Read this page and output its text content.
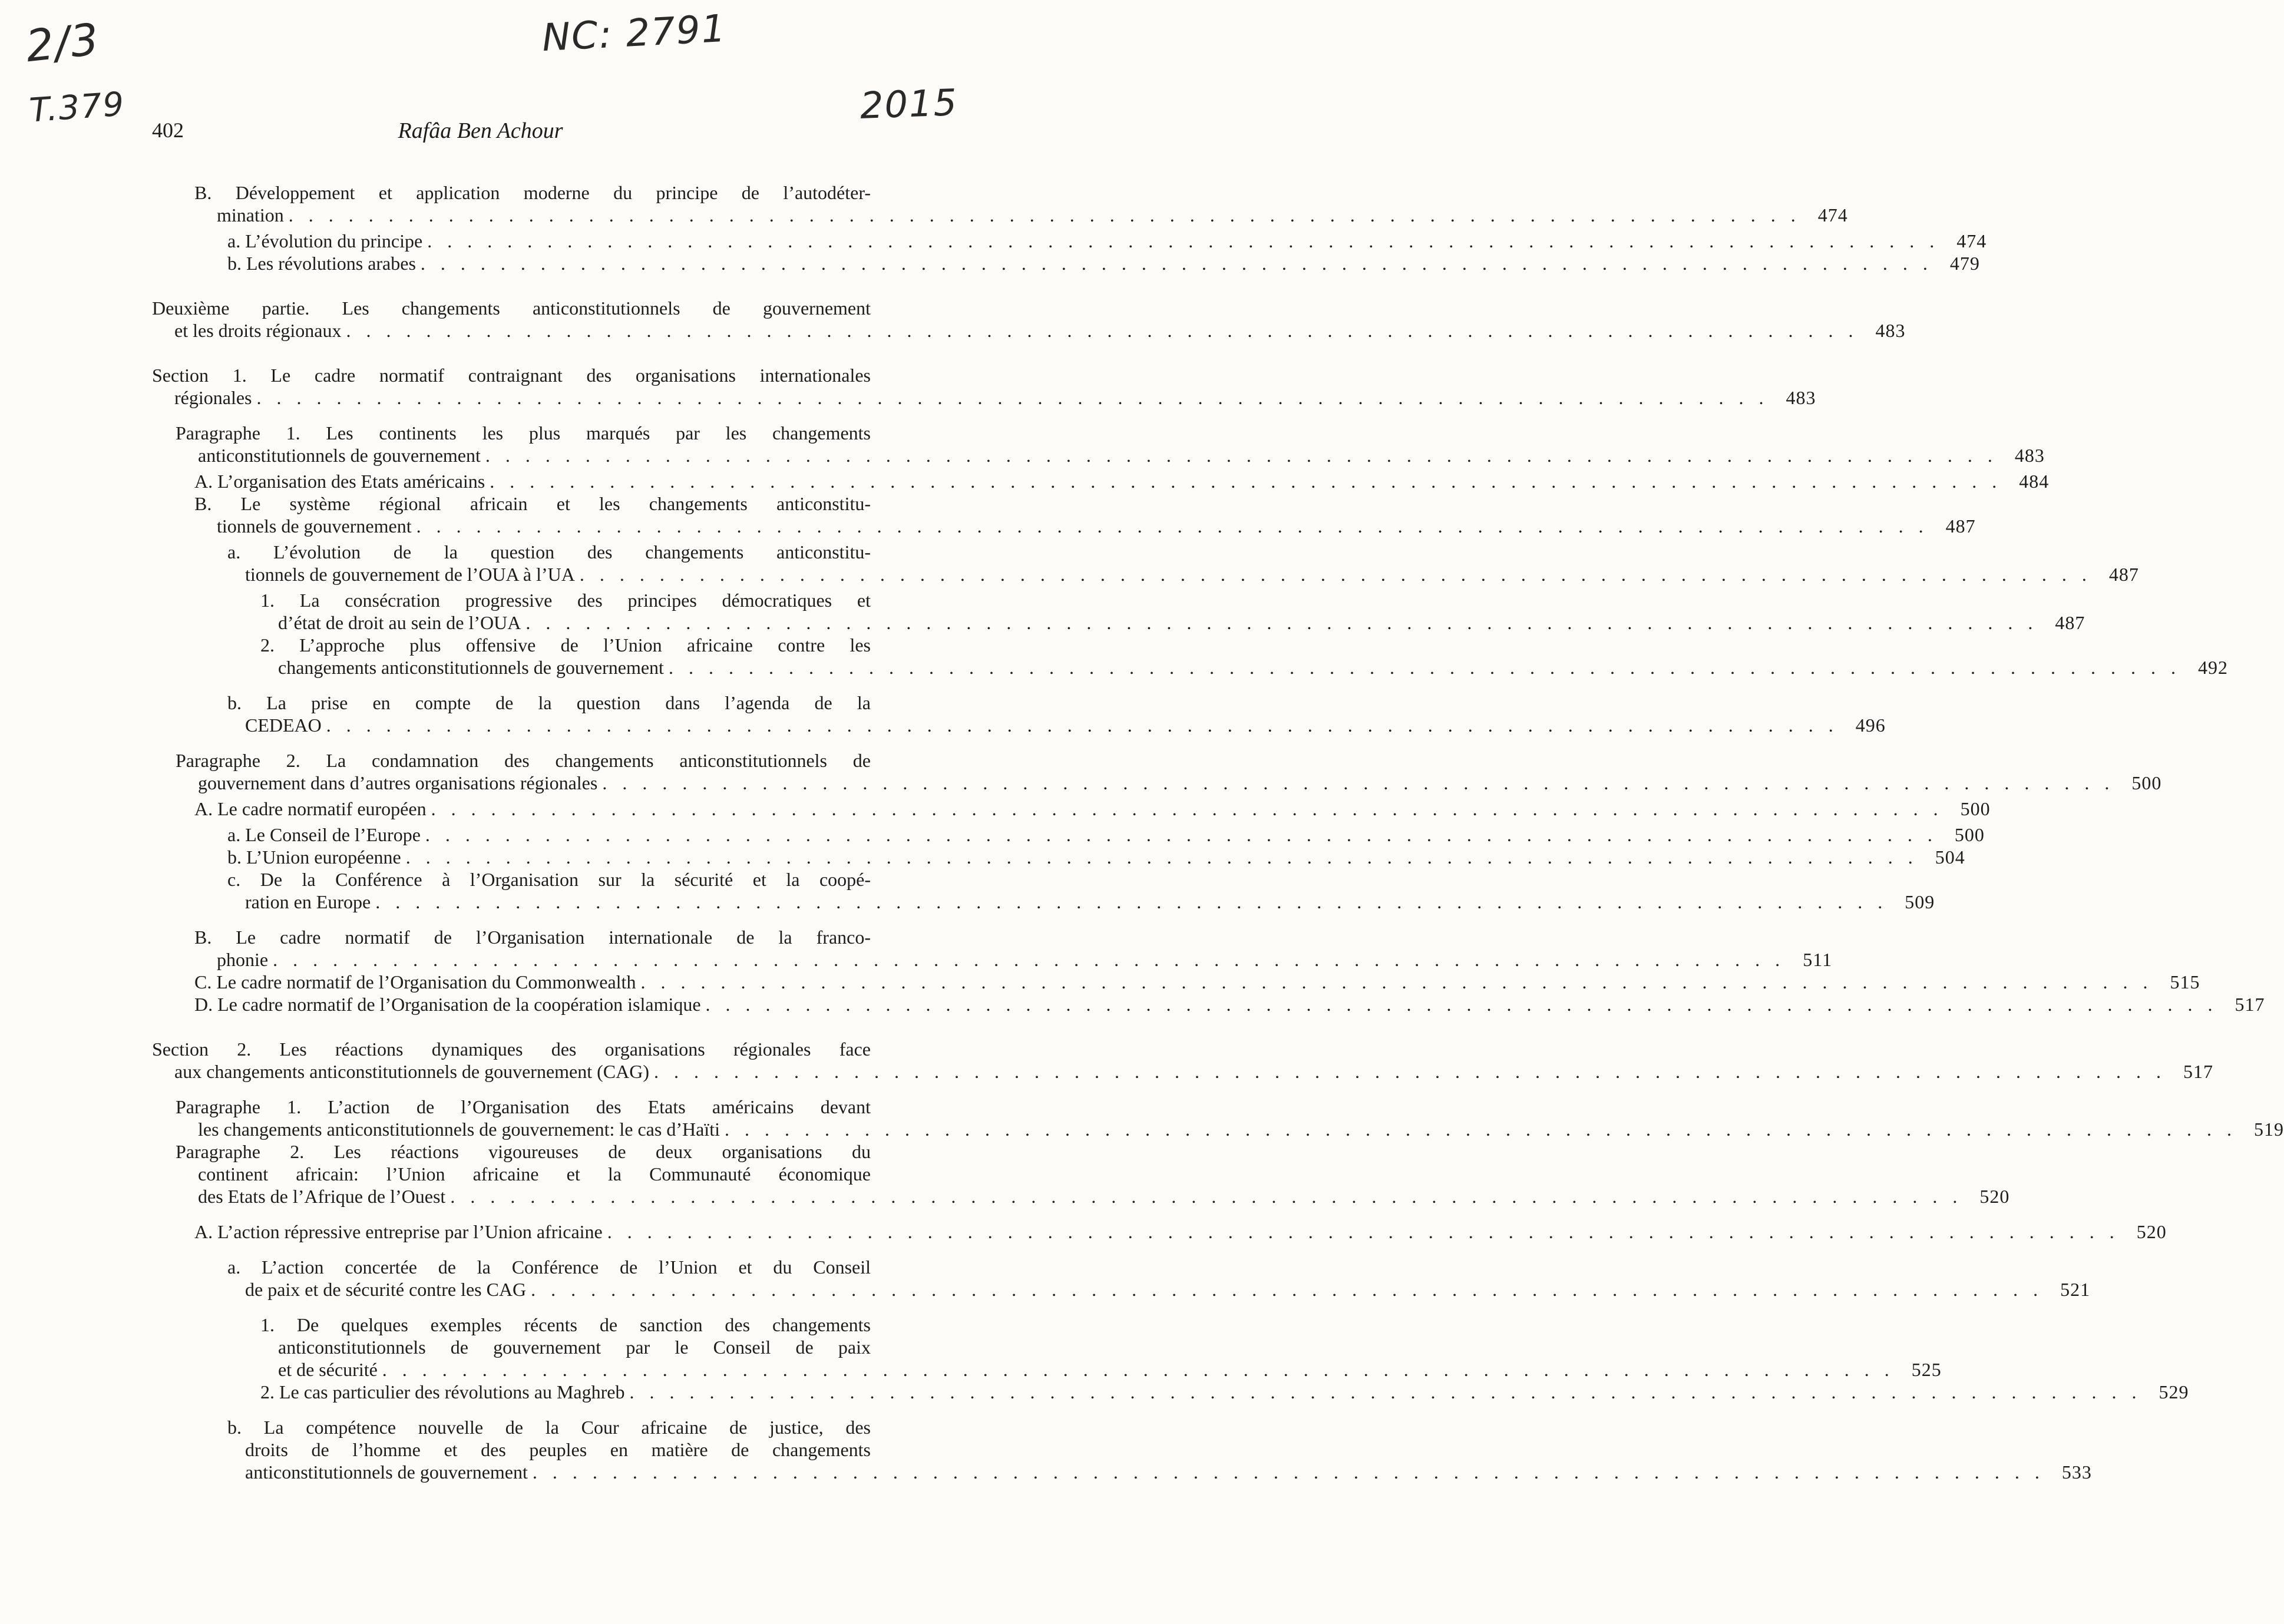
2/3
T.379
NC: 2791
2015
402	Rafâa Ben Achour
B. Développement et application moderne du principe de l’autodéter-
mination . . . . . . . . . . . . . . . . . . . . . . . . . . . . . . . . . . . . . . . . . . . . . . . . . . . . . . . . . . . . . . . . . . . . . . . . . . . . 474
a. L’évolution du principe . . . . . . . . . . . . . . . . . . . . . . . . . . . . . . . . . . . . . . . . . . . . . . . . . . . . . . . . . . . . . . . . . . . . . . . . . . . . 474
b. Les révolutions arabes . . . . . . . . . . . . . . . . . . . . . . . . . . . . . . . . . . . . . . . . . . . . . . . . . . . . . . . . . . . . . . . . . . . . . . . . . . . . 479
Deuxième partie. Les changements anticonstitutionnels de gouvernement
et les droits régionaux . . . . . . . . . . . . . . . . . . . . . . . . . . . . . . . . . . . . . . . . . . . . . . . . . . . . . . . . . . . . . . . . . . . . . . . . . . . . 483
Section 1. Le cadre normatif contraignant des organisations internationales
régionales . . . . . . . . . . . . . . . . . . . . . . . . . . . . . . . . . . . . . . . . . . . . . . . . . . . . . . . . . . . . . . . . . . . . . . . . . . . . 483
Paragraphe 1. Les continents les plus marqués par les changements
anticonstitutionnels de gouvernement . . . . . . . . . . . . . . . . . . . . . . . . . . . . . . . . . . . . . . . . . . . . . . . . . . . . . . . . . . . . . . . . . . . . . . . . . . . . 483
A. L’organisation des Etats américains . . . . . . . . . . . . . . . . . . . . . . . . . . . . . . . . . . . . . . . . . . . . . . . . . . . . . . . . . . . . . . . . . . . . . . . . . . . . 484
B. Le système régional africain et les changements anticonstitu-
tionnels de gouvernement . . . . . . . . . . . . . . . . . . . . . . . . . . . . . . . . . . . . . . . . . . . . . . . . . . . . . . . . . . . . . . . . . . . . . . . . . . . . 487
a. L’évolution de la question des changements anticonstitu-
tionnels de gouvernement de l’OUA à l’UA . . . . . . . . . . . . . . . . . . . . . . . . . . . . . . . . . . . . . . . . . . . . . . . . . . . . . . . . . . . . . . . . . . . . . . . . . . . . 487
1. La consécration progressive des principes démocratiques et
d’état de droit au sein de l’OUA . . . . . . . . . . . . . . . . . . . . . . . . . . . . . . . . . . . . . . . . . . . . . . . . . . . . . . . . . . . . . . . . . . . . . . . . . . . . 487
2. L’approche plus offensive de l’Union africaine contre les
changements anticonstitutionnels de gouvernement . . . . . . . . . . . . . . . . . . . . . . . . . . . . . . . . . . . . . . . . . . . . . . . . . . . . . . . . . . . . . . . . . . . . . . . . . . . . 492
b. La prise en compte de la question dans l’agenda de la
CEDEAO . . . . . . . . . . . . . . . . . . . . . . . . . . . . . . . . . . . . . . . . . . . . . . . . . . . . . . . . . . . . . . . . . . . . . . . . . . . . 496
Paragraphe 2. La condamnation des changements anticonstitutionnels de
gouvernement dans d’autres organisations régionales . . . . . . . . . . . . . . . . . . . . . . . . . . . . . . . . . . . . . . . . . . . . . . . . . . . . . . . . . . . . . . . . . . . . . . . . . . . . 500
A. Le cadre normatif européen . . . . . . . . . . . . . . . . . . . . . . . . . . . . . . . . . . . . . . . . . . . . . . . . . . . . . . . . . . . . . . . . . . . . . . . . . . . . 500
a. Le Conseil de l’Europe . . . . . . . . . . . . . . . . . . . . . . . . . . . . . . . . . . . . . . . . . . . . . . . . . . . . . . . . . . . . . . . . . . . . . . . . . . . . 500
b. L’Union européenne . . . . . . . . . . . . . . . . . . . . . . . . . . . . . . . . . . . . . . . . . . . . . . . . . . . . . . . . . . . . . . . . . . . . . . . . . . . . 504
c. De la Conférence à l’Organisation sur la sécurité et la coopé-
ration en Europe . . . . . . . . . . . . . . . . . . . . . . . . . . . . . . . . . . . . . . . . . . . . . . . . . . . . . . . . . . . . . . . . . . . . . . . . . . . . 509
B. Le cadre normatif de l’Organisation internationale de la franco-
phonie . . . . . . . . . . . . . . . . . . . . . . . . . . . . . . . . . . . . . . . . . . . . . . . . . . . . . . . . . . . . . . . . . . . . . . . . . . . . 511
C. Le cadre normatif de l’Organisation du Commonwealth . . . . . . . . . . . . . . . . . . . . . . . . . . . . . . . . . . . . . . . . . . . . . . . . . . . . . . . . . . . . . . . . . . . . . . . . . . . . 515
D. Le cadre normatif de l’Organisation de la coopération islamique . . . . . . . . . . . . . . . . . . . . . . . . . . . . . . . . . . . . . . . . . . . . . . . . . . . . . . . . . . . . . . . . . . . . . . . . . . . . 517
Section 2. Les réactions dynamiques des organisations régionales face
aux changements anticonstitutionnels de gouvernement (CAG) . . . . . . . . . . . . . . . . . . . . . . . . . . . . . . . . . . . . . . . . . . . . . . . . . . . . . . . . . . . . . . . . . . . . . . . . . . . . 517
Paragraphe 1. L’action de l’Organisation des Etats américains devant
les changements anticonstitutionnels de gouvernement: le cas d’Haïti . . . . . . . . . . . . . . . . . . . . . . . . . . . . . . . . . . . . . . . . . . . . . . . . . . . . . . . . . . . . . . . . . . . . . . . . . . . . 519
Paragraphe 2. Les réactions vigoureuses de deux organisations du
continent africain: l’Union africaine et la Communauté économique
des Etats de l’Afrique de l’Ouest . . . . . . . . . . . . . . . . . . . . . . . . . . . . . . . . . . . . . . . . . . . . . . . . . . . . . . . . . . . . . . . . . . . . . . . . . . . . 520
A. L’action répressive entreprise par l’Union africaine . . . . . . . . . . . . . . . . . . . . . . . . . . . . . . . . . . . . . . . . . . . . . . . . . . . . . . . . . . . . . . . . . . . . . . . . . . . . 520
a. L’action concertée de la Conférence de l’Union et du Conseil
de paix et de sécurité contre les CAG . . . . . . . . . . . . . . . . . . . . . . . . . . . . . . . . . . . . . . . . . . . . . . . . . . . . . . . . . . . . . . . . . . . . . . . . . . . . 521
1. De quelques exemples récents de sanction des changements
anticonstitutionnels de gouvernement par le Conseil de paix
et de sécurité . . . . . . . . . . . . . . . . . . . . . . . . . . . . . . . . . . . . . . . . . . . . . . . . . . . . . . . . . . . . . . . . . . . . . . . . . . . . 525
2. Le cas particulier des révolutions au Maghreb . . . . . . . . . . . . . . . . . . . . . . . . . . . . . . . . . . . . . . . . . . . . . . . . . . . . . . . . . . . . . . . . . . . . . . . . . . . . 529
b. La compétence nouvelle de la Cour africaine de justice, des
droits de l’homme et des peuples en matière de changements
anticonstitutionnels de gouvernement . . . . . . . . . . . . . . . . . . . . . . . . . . . . . . . . . . . . . . . . . . . . . . . . . . . . . . . . . . . . . . . . . . . . . . . . . . . . 533
